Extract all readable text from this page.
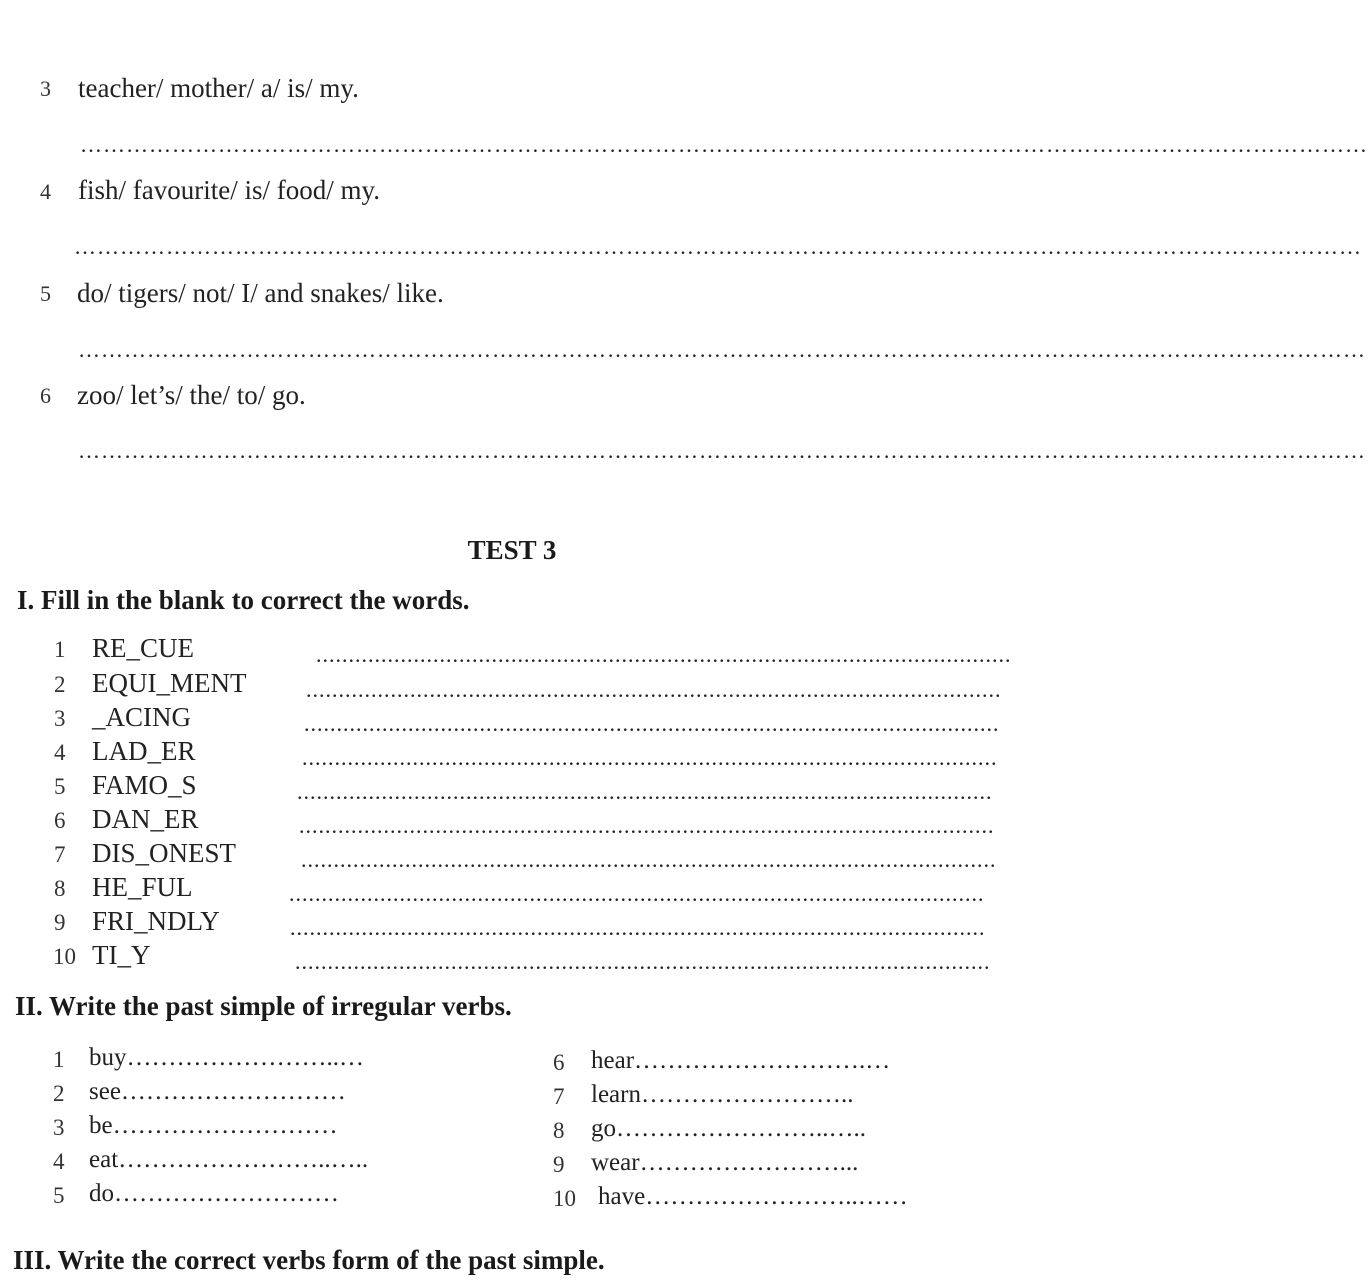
3 teacher/ mother/ a/ is/ my.
……………………………………………………………………………………………………………………………………………………
4 fish/ favourite/ is/ food/ my.
……………………………………………………………………………………………………………………………………………………
5 do/ tigers/ not/ I/ and snakes/ like.
……………………………………………………………………………………………………………………………………………………
6 zoo/ let’s/ the/ to/ go.
……………………………………………………………………………………………………………………………………………………
TEST 3
I. Fill in the blank to correct the words.
1 RE_CUE	...........................................................................................................
2 EQUI_MENT	...........................................................................................................
3 _ACING	...........................................................................................................
4 LAD_ER	...........................................................................................................
5 FAMO_S	...........................................................................................................
6 DAN_ER	...........................................................................................................
7 DIS_ONEST	...........................................................................................................
8 HE_FUL	...........................................................................................................
9 FRI_NDLY	...........................................................................................................
10 TI_Y	...........................................................................................................
II. Write the past simple of irregular verbs.
1 buy……………………..…
2 see………………………
3 be………………………
4 eat……………………..…..
5 do………………………
6 hear……………………….…
7 learn……………………..
8 go……………………..…..
9 wear……………………...
10 have……………………..……
III. Write the correct verbs form of the past simple.
